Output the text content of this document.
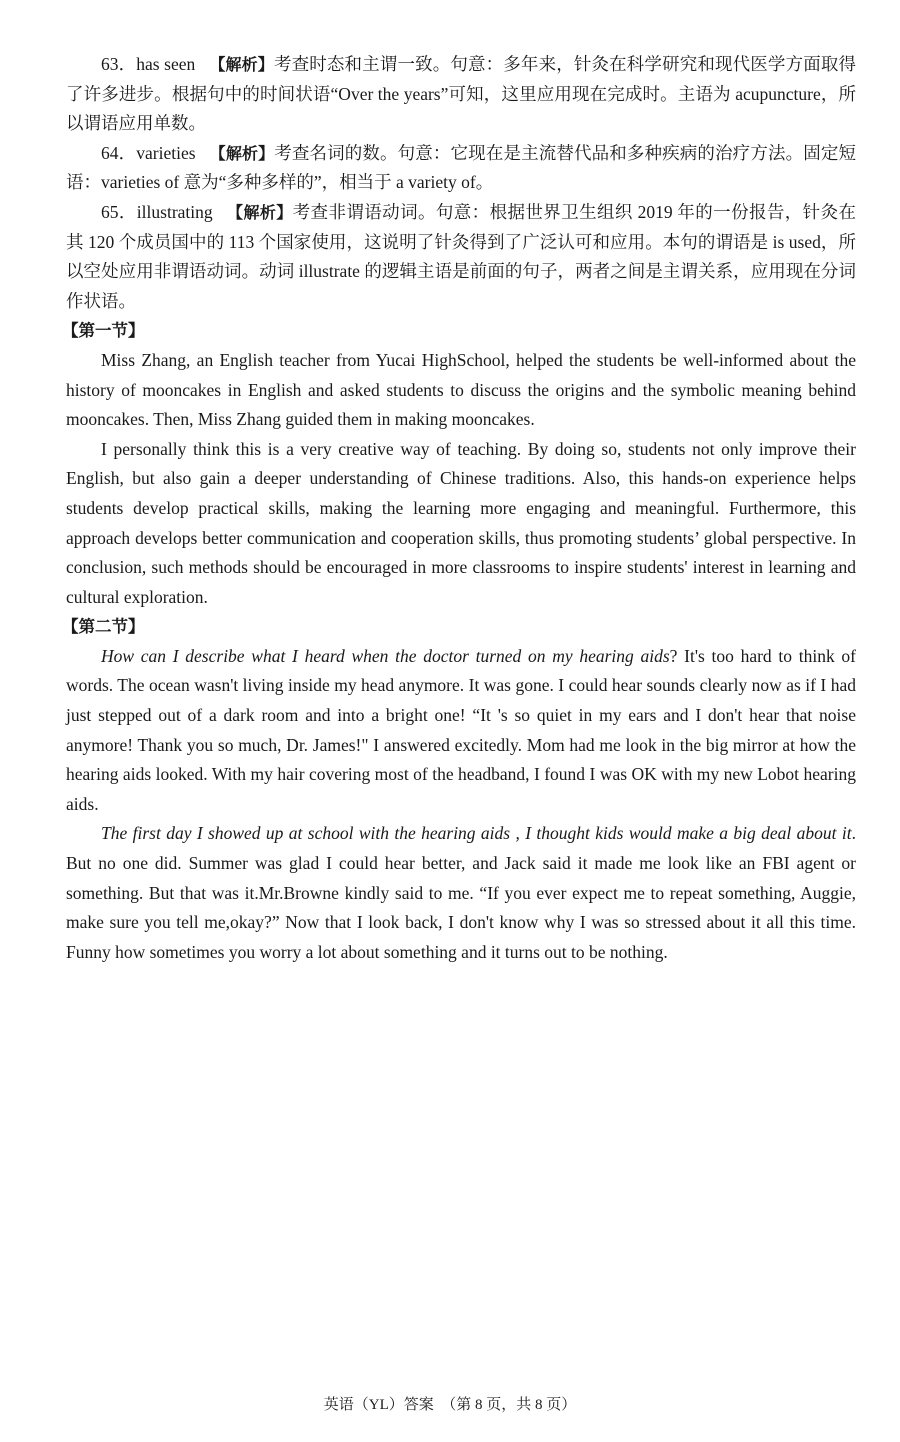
63．has seen 【解析】考查时态和主谓一致。句意：多年来，针灸在科学研究和现代医学方面取得了许多进步。根据句中的时间状语“Over the years”可知，这里应用现在完成时。主语为 acupuncture，所以谓语应用单数。

64．varieties 【解析】考查名词的数。句意：它现在是主流替代品和多种疾病的治疗方法。固定短语：varieties of 意为“多种多样的”，相当于 a variety of。

65．illustrating 【解析】考查非谓语动词。句意：根据世界卫生组织 2019 年的一份报告，针灸在其 120 个成员国中的 113 个国家使用，这说明了针灸得到了广泛认可和应用。本句的谓语是 is used，所以空处应用非谓语动词。动词 illustrate 的逻辑主语是前面的句子，两者之间是主谓关系，应用现在分词作状语。

【第一节】

Miss Zhang, an English teacher from Yucai HighSchool, helped the students be well-informed about the history of mooncakes in English and asked students to discuss the origins and the symbolic meaning behind mooncakes. Then, Miss Zhang guided them in making mooncakes.

I personally think this is a very creative way of teaching. By doing so, students not only improve their English, but also gain a deeper understanding of Chinese traditions. Also, this hands-on experience helps students develop practical skills, making the learning more engaging and meaningful. Furthermore, this approach develops better communication and cooperation skills, thus promoting students’ global perspective. In conclusion, such methods should be encouraged in more classrooms to inspire students' interest in learning and cultural exploration.

【第二节】

How can I describe what I heard when the doctor turned on my hearing aids? It's too hard to think of words. The ocean wasn't living inside my head anymore. It was gone. I could hear sounds clearly now as if I had just stepped out of a dark room and into a bright one! “It 's so quiet in my ears and I don't hear that noise anymore! Thank you so much, Dr. James!" I answered excitedly. Mom had me look in the big mirror at how the hearing aids looked. With my hair covering most of the headband, I found I was OK with my new Lobot hearing aids.

The first day I showed up at school with the hearing aids , I thought kids would make a big deal about it. But no one did. Summer was glad I could hear better, and Jack said it made me look like an FBI agent or something. But that was it.Mr.Browne kindly said to me. “If you ever expect me to repeat something, Auggie, make sure you tell me,okay?” Now that I look back, I don't know why I was so stressed about it all this time. Funny how sometimes you worry a lot about something and it turns out to be nothing.

英语（YL）答案　（第 8 页，共 8 页）
